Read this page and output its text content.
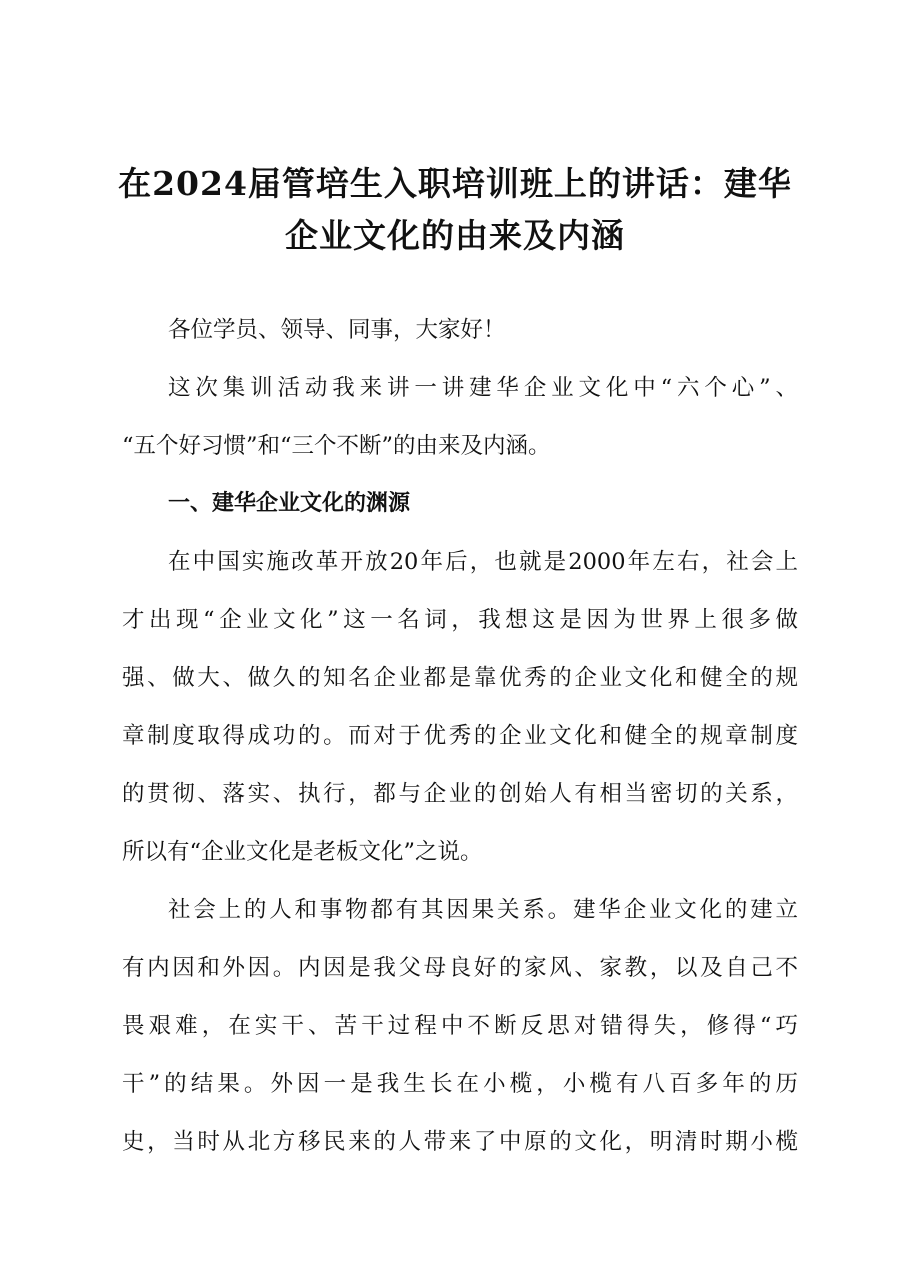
在2024届管培生入职培训班上的讲话：建华
企业文化的由来及内涵
各位学员、领导、同事，大家好！
这次集训活动我来讲一讲建华企业文化中“六个心”、
“五个好习惯”和“三个不断”的由来及内涵。
一、建华企业文化的渊源
在中国实施改革开放20年后，也就是2000年左右，社会上
才出现“企业文化”这一名词，我想这是因为世界上很多做
强、做大、做久的知名企业都是靠优秀的企业文化和健全的规
章制度取得成功的。而对于优秀的企业文化和健全的规章制度
的贯彻、落实、执行，都与企业的创始人有相当密切的关系，
所以有“企业文化是老板文化”之说。
社会上的人和事物都有其因果关系。建华企业文化的建立
有内因和外因。内因是我父母良好的家风、家教，以及自己不
畏艰难，在实干、苦干过程中不断反思对错得失，修得“巧
干”的结果。外因一是我生长在小榄，小榄有八百多年的历
史，当时从北方移民来的人带来了中原的文化，明清时期小榄
